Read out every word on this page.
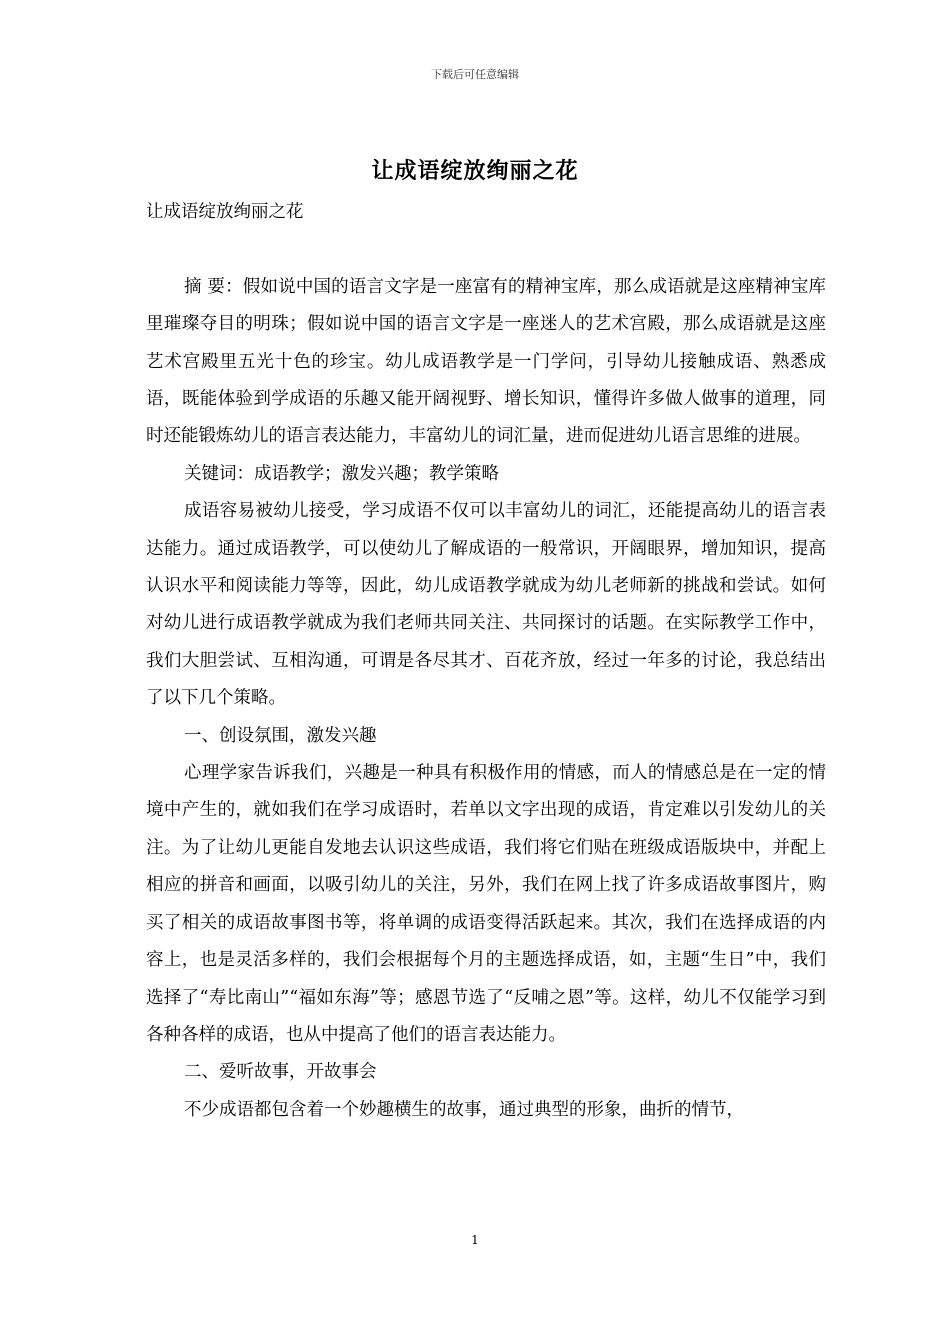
下载后可任意编辑
让成语绽放绚丽之花

让成语绽放绚丽之花

摘 要：假如说中国的语言文字是一座富有的精神宝库，那么成语就是这座精神宝库里璀璨夺目的明珠；假如说中国的语言文字是一座迷人的艺术宫殿，那么成语就是这座艺术宫殿里五光十色的珍宝。幼儿成语教学是一门学问，引导幼儿接触成语、熟悉成语，既能体验到学成语的乐趣又能开阔视野、增长知识，懂得许多做人做事的道理，同时还能锻炼幼儿的语言表达能力，丰富幼儿的词汇量，进而促进幼儿语言思维的进展。

关键词：成语教学；激发兴趣；教学策略

成语容易被幼儿接受，学习成语不仅可以丰富幼儿的词汇，还能提高幼儿的语言表达能力。通过成语教学，可以使幼儿了解成语的一般常识，开阔眼界，增加知识，提高认识水平和阅读能力等等，因此，幼儿成语教学就成为幼儿老师新的挑战和尝试。如何对幼儿进行成语教学就成为我们老师共同关注、共同探讨的话题。在实际教学工作中，我们大胆尝试、互相沟通，可谓是各尽其才、百花齐放，经过一年多的讨论，我总结出了以下几个策略。

一、创设氛围，激发兴趣

心理学家告诉我们，兴趣是一种具有积极作用的情感，而人的情感总是在一定的情境中产生的，就如我们在学习成语时，若单以文字出现的成语，肯定难以引发幼儿的关注。为了让幼儿更能自发地去认识这些成语，我们将它们贴在班级成语版块中，并配上相应的拼音和画面，以吸引幼儿的关注，另外，我们在网上找了许多成语故事图片，购买了相关的成语故事图书等，将单调的成语变得活跃起来。其次，我们在选择成语的内容上，也是灵活多样的，我们会根据每个月的主题选择成语，如，主题“生日”中，我们选择了“寿比南山”“福如东海”等；感恩节选了“反哺之恩”等。这样，幼儿不仅能学习到各种各样的成语，也从中提高了他们的语言表达能力。

二、爱听故事，开故事会

不少成语都包含着一个妙趣横生的故事，通过典型的形象，曲折的情节，

1
